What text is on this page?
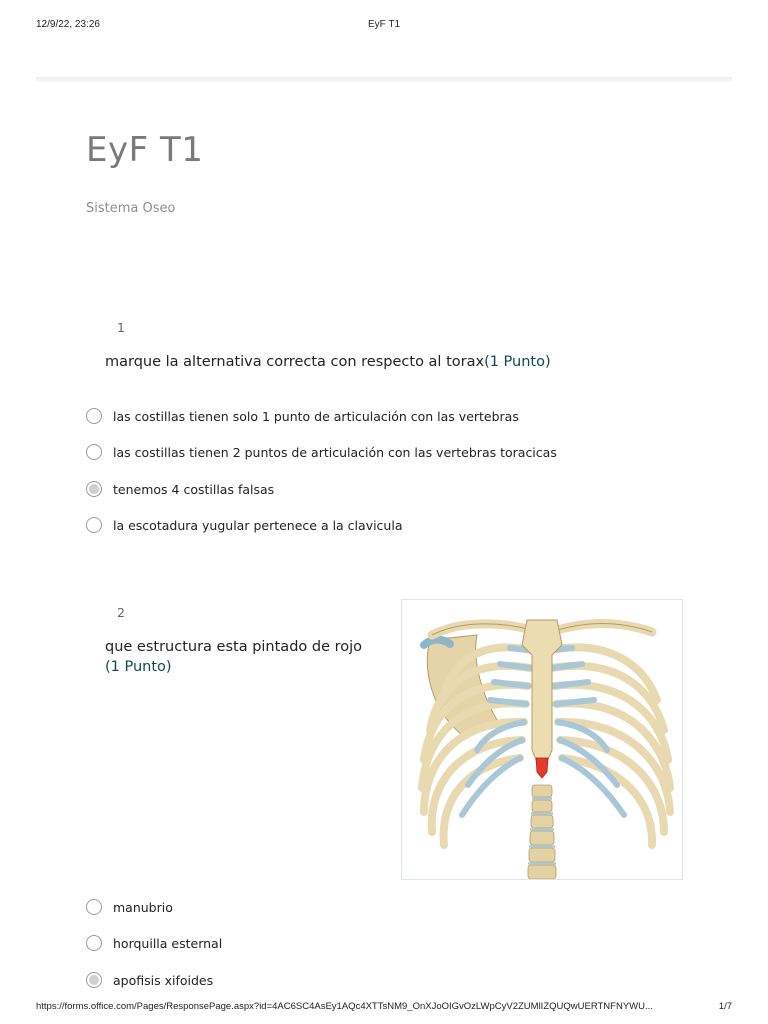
12/9/22, 23:26	EyF T1
EyF T1

Sistema Oseo

1
marque la alternativa correcta con respecto al torax(1 Punto)
las costillas tienen solo 1 punto de articulación con las vertebras
las costillas tienen 2 puntos de articulación con las vertebras toracicas
tenemos 4 costillas falsas
la escotadura yugular pertenece a la clavicula
2
que estructura esta pintado de rojo
(1 Punto)
manubrio
horquilla esternal
apofisis xifoides
https://forms.office.com/Pages/ResponsePage.aspx?id=4AC6SC4AsEy1AQc4XTTsNM9_OnXJoOIGvOzLWpCyV2ZUMlIZQUQwUERTNFNYWU...	1/7
